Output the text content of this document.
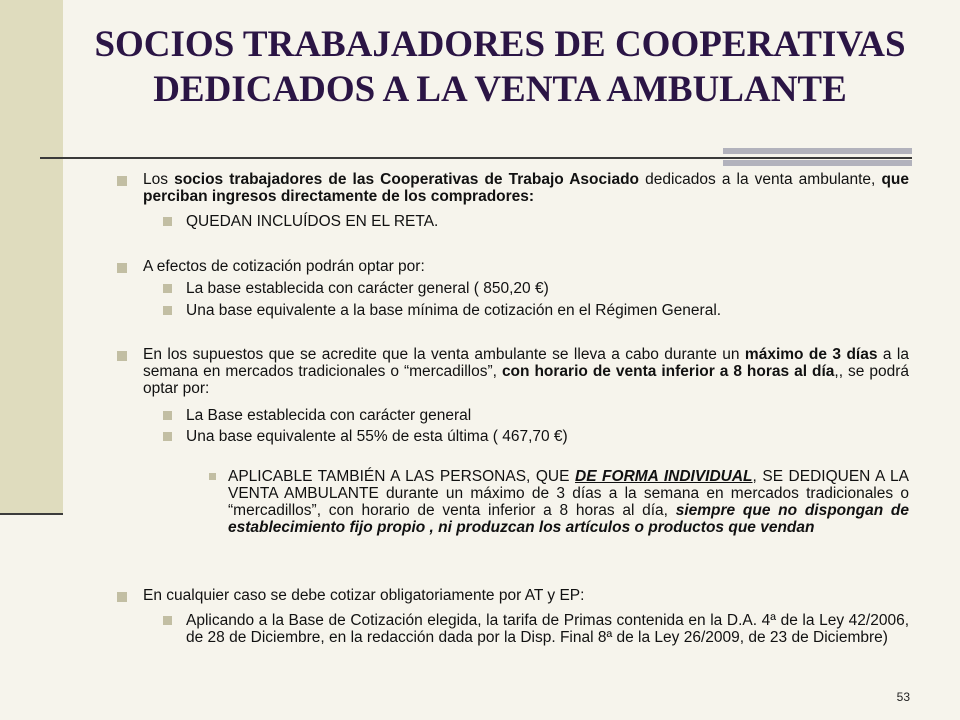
SOCIOS TRABAJADORES DE COOPERATIVAS DEDICADOS A LA VENTA AMBULANTE
Los socios trabajadores de las Cooperativas de Trabajo Asociado dedicados a la venta ambulante, que perciban ingresos directamente de los compradores:
QUEDAN INCLUÍDOS EN EL RETA.
A efectos de cotización podrán optar por:
La base establecida con carácter general ( 850,20 €)
Una base equivalente a la base mínima de cotización en el Régimen General.
En los supuestos que se acredite que la venta ambulante se lleva a cabo durante un máximo de 3 días a la semana en mercados tradicionales o “mercadillos”, con horario de venta inferior a 8 horas al día,, se podrá optar por:
La Base establecida con carácter general
Una base equivalente al 55% de esta última ( 467,70 €)
APLICABLE TAMBIÉN A LAS PERSONAS, QUE DE FORMA INDIVIDUAL, SE DEDIQUEN A LA VENTA AMBULANTE durante un máximo de 3 días a la semana en mercados tradicionales o “mercadillos”, con horario de venta inferior a 8 horas al día, siempre que no dispongan de establecimiento fijo propio , ni produzcan los artículos o productos que vendan
En cualquier caso se debe cotizar obligatoriamente por AT y EP:
Aplicando a la Base de Cotización elegida, la tarifa de Primas contenida en la D.A. 4ª de la Ley 42/2006, de 28 de Diciembre, en la redacción dada por la Disp. Final 8ª de la Ley 26/2009, de 23 de Diciembre)
53
